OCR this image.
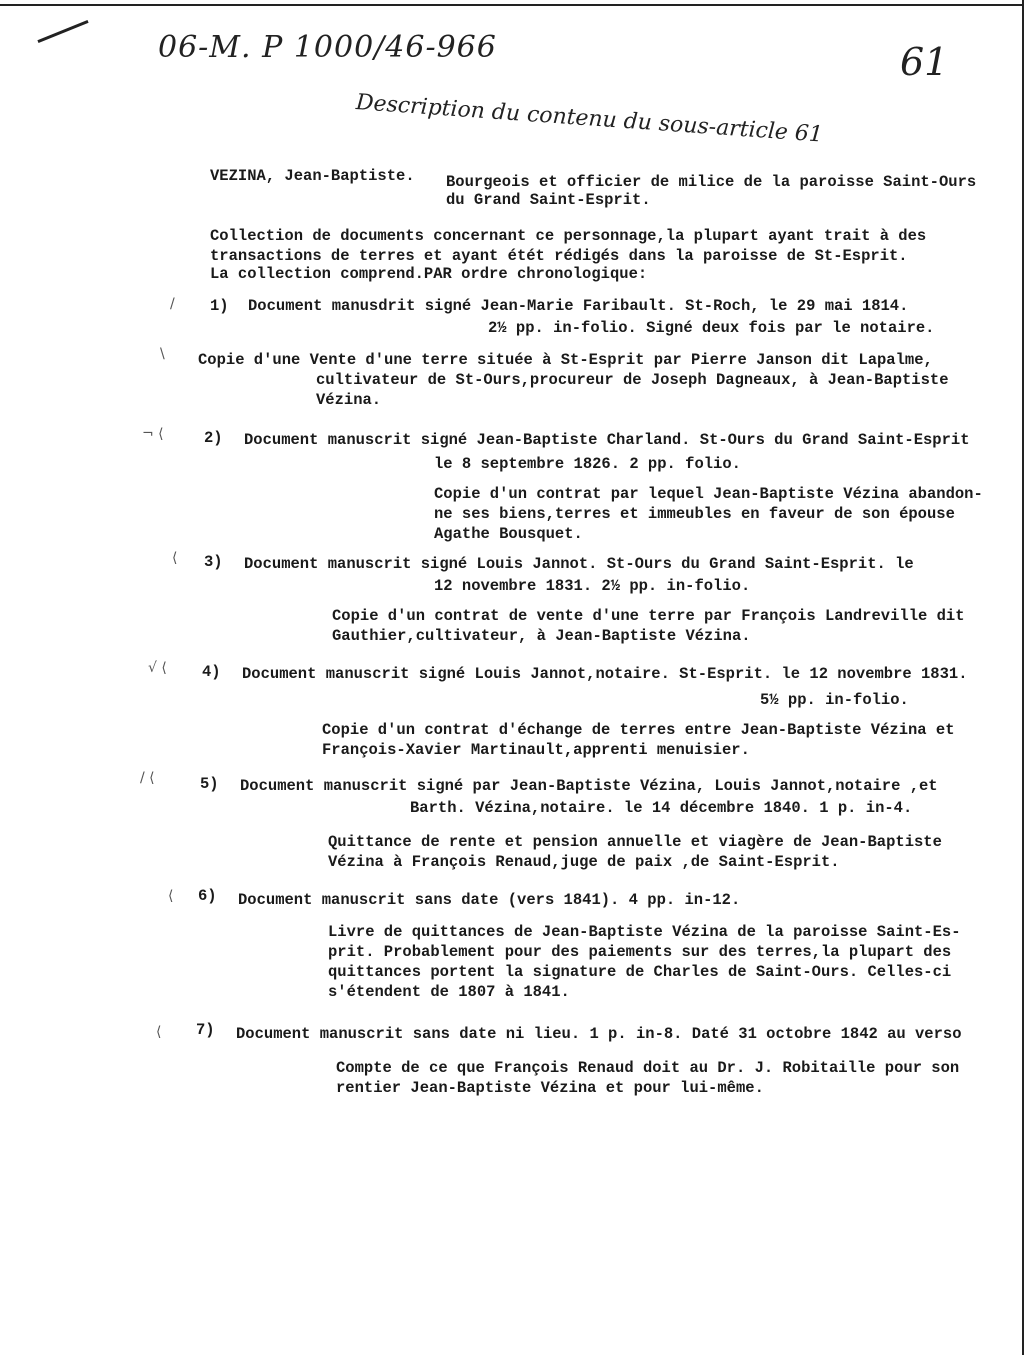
06-M. P 1000/46-966	61
Description du contenu du sous-article 61
VEZINA, Jean-Baptiste. Bourgeois et officier de milice de la paroisse Saint-Ours
du Grand Saint-Esprit.
Collection de documents concernant ce personnage,la plupart ayant trait à des
transactions de terres et ayant étét rédigés dans la paroisse de St-Esprit.
La collection comprend.PAR ordre chronologique:
/ 1) Document manusdrit signé Jean-Marie Faribault. St-Roch, le 29 mai 1814.
2½ pp. in-folio. Signé deux fois par le notaire.
\ Copie d'une Vente d'une terre située à St-Esprit par Pierre Janson dit Lapalme,
cultivateur de St-Ours,procureur de Joseph Dagneaux, à Jean-Baptiste
Vézina.
¬ ⟨	2) Document manuscrit signé Jean-Baptiste Charland. St-Ours du Grand Saint-Esprit
le 8 septembre 1826. 2 pp. folio.
Copie d'un contrat par lequel Jean-Baptiste Vézina abandon-
ne ses biens,terres et immeubles en faveur de son épouse
Agathe Bousquet.
⟨ 3) Document manuscrit signé Louis Jannot. St-Ours du Grand Saint-Esprit. le
12 novembre 1831. 2½ pp. in-folio.
Copie d'un contrat de vente d'une terre par François Landreville dit
Gauthier,cultivateur, à Jean-Baptiste Vézina.
√ ⟨ 4) Document manuscrit signé Louis Jannot,notaire. St-Esprit. le 12 novembre 1831.
5½ pp. in-folio.
Copie d'un contrat d'échange de terres entre Jean-Baptiste Vézina et
François-Xavier Martinault,apprenti menuisier.
/ ⟨	5) Document manuscrit signé par Jean-Baptiste Vézina, Louis Jannot,notaire ,et
Barth. Vézina,notaire. le 14 décembre 1840. 1 p. in-4.
Quittance de rente et pension annuelle et viagère de Jean-Baptiste
Vézina à François Renaud,juge de paix ,de Saint-Esprit.
⟨ 6) Document manuscrit sans date (vers 1841). 4 pp. in-12.
Livre de quittances de Jean-Baptiste Vézina de la paroisse Saint-Es-
prit. Probablement pour des paiements sur des terres,la plupart des
quittances portent la signature de Charles de Saint-Ours. Celles-ci
s'étendent de 1807 à 1841.
⟨ 7) Document manuscrit sans date ni lieu. 1 p. in-8. Daté 31 octobre 1842 au verso
Compte de ce que François Renaud doit au Dr. J. Robitaille pour son
rentier Jean-Baptiste Vézina et pour lui-même.
